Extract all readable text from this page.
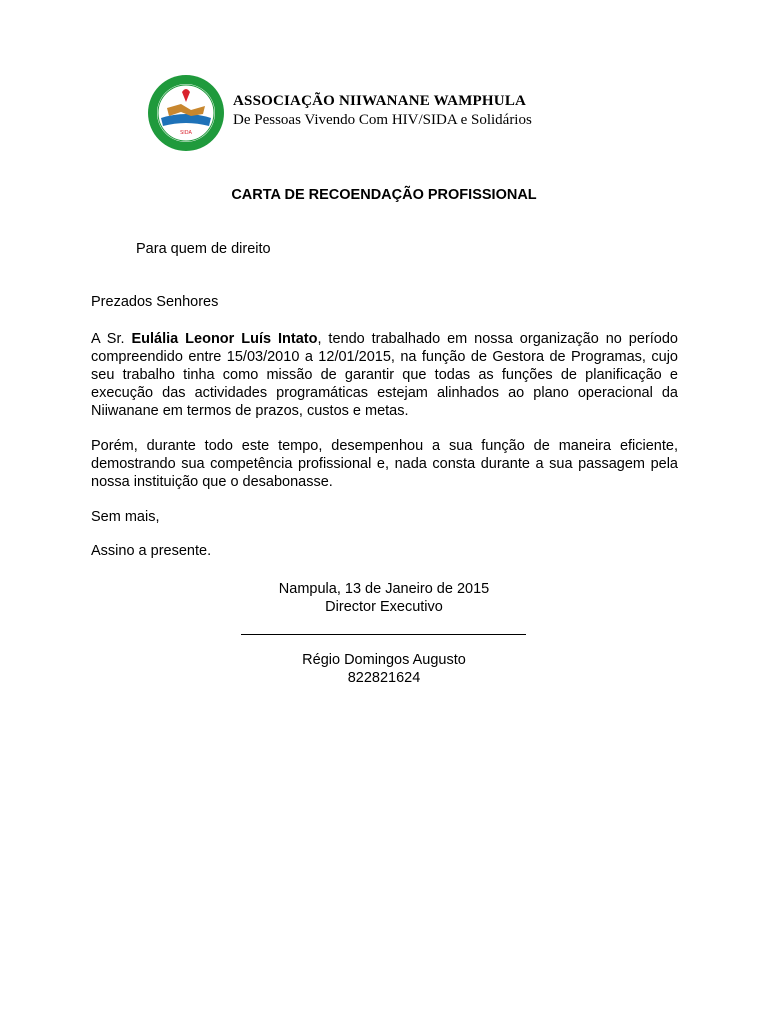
SIDA
ASSOCIAÇÃO NIIWANANE WAMPHULA
De Pessoas Vivendo Com HIV/SIDA e Solidários
CARTA DE RECOENDAÇÃO PROFISSIONAL
Para quem de direito
Prezados Senhores
A Sr. Eulália Leonor Luís Intato, tendo trabalhado em nossa organização no período compreendido entre 15/03/2010 a 12/01/2015, na função de Gestora de Programas, cujo seu trabalho tinha como missão de garantir que todas as funções de planificação e execução das actividades programáticas estejam alinhados ao plano operacional da Niiwanane em termos de prazos, custos e metas.
Porém, durante todo este tempo, desempenhou a sua função de maneira eficiente, demostrando sua competência profissional e, nada consta durante a sua passagem pela nossa instituição que o desabonasse.
Sem mais,
Assino a presente.
Nampula, 13 de Janeiro de 2015
Director Executivo
Régio Domingos Augusto
822821624
